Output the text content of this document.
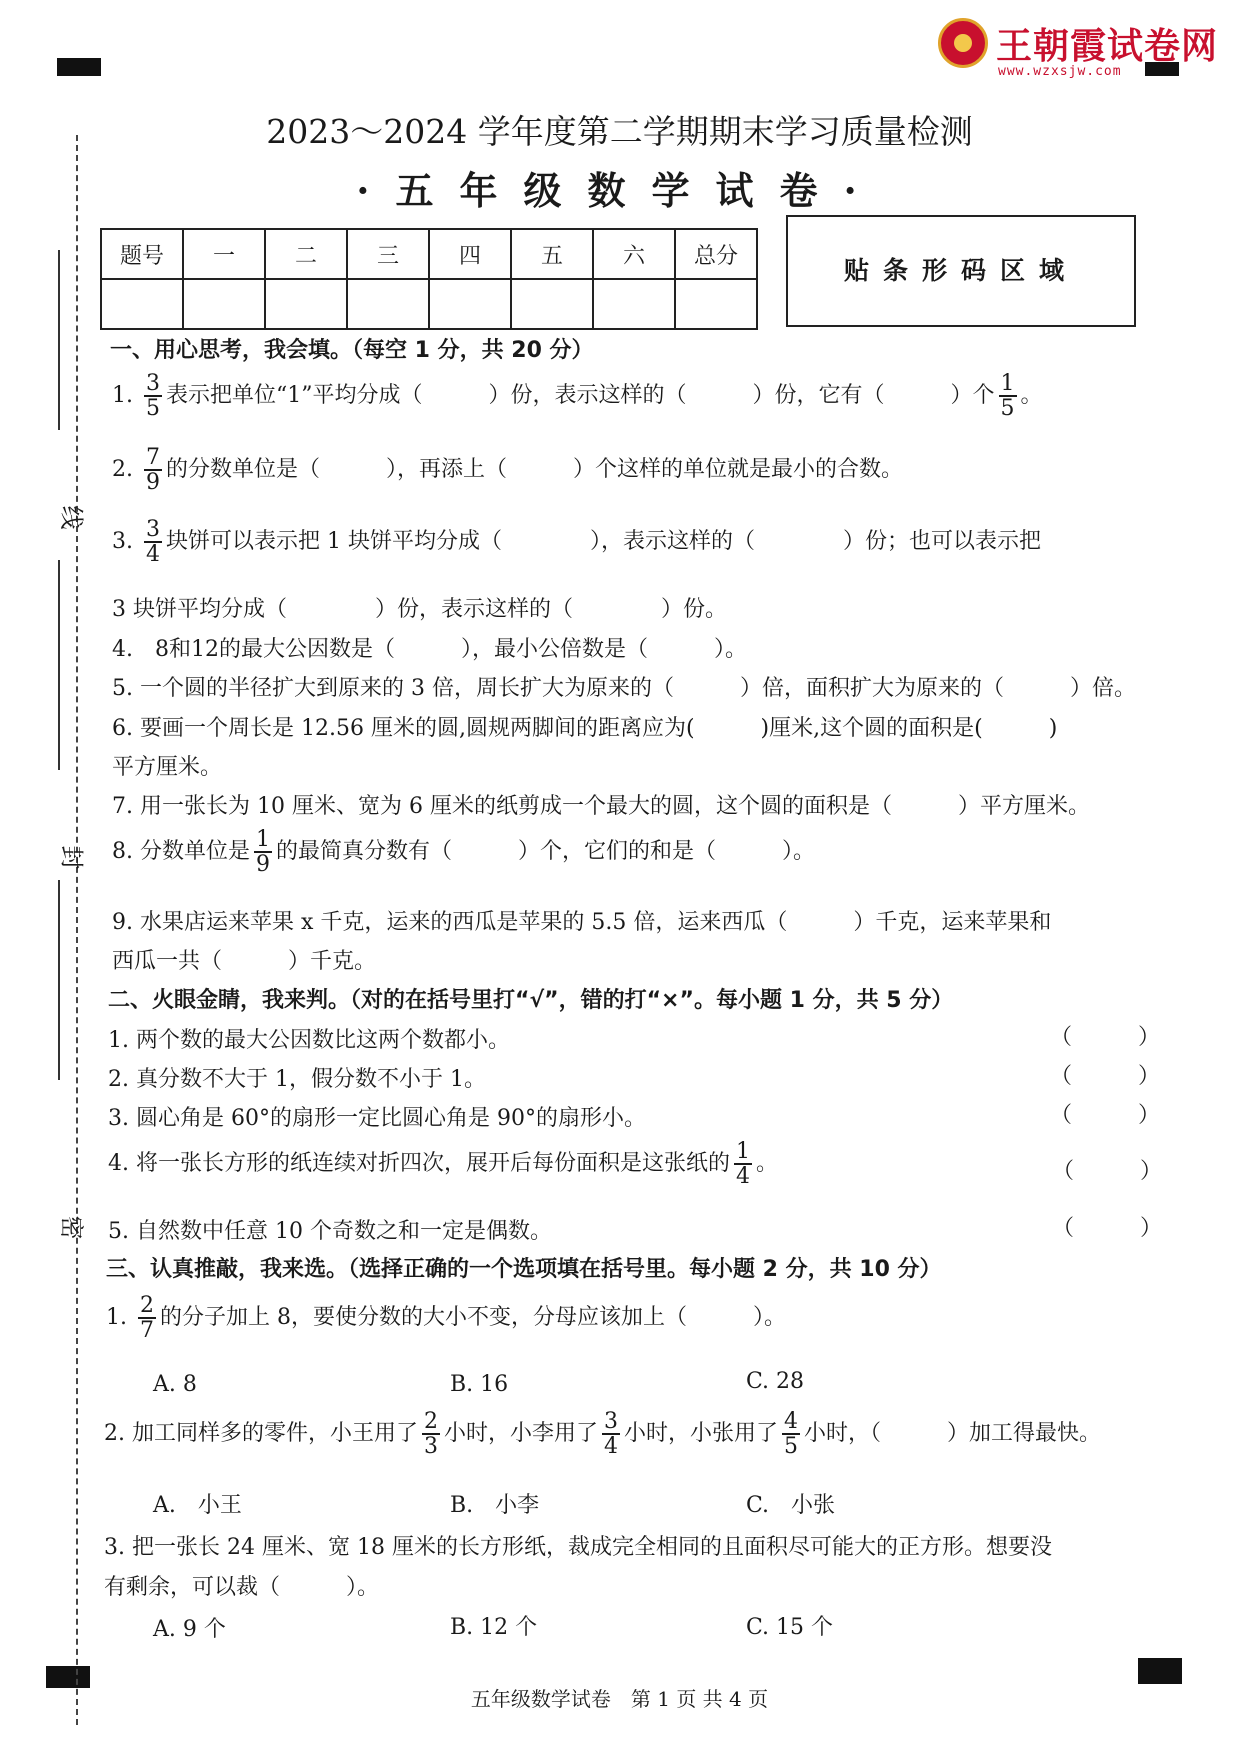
王朝霞试卷网
www.wzxsjw.com
线
封
密
2023～2024 学年度第二学期期末学习质量检测
·五年级数学试卷·
题号	一	二	三	四	五	六	总分
								贴条形码区域
一、用心思考，我会填。（每空 1 分，共 20 分）
1. $\frac{3}{5}$ 表示把单位“1”平均分成（　　　）份，表示这样的（　　　）份，它有（　　　）个 $\frac{1}{5}$ 。
2. $\frac{7}{9}$ 的分数单位是（　　　），再添上（　　　）个这样的单位就是最小的合数。
3. $\frac{3}{4}$ 块饼可以表示把 1 块饼平均分成（　　　　），表示这样的（　　　　）份；也可以表示把
3 块饼平均分成（　　　　）份，表示这样的（　　　　）份。
4.　8和12的最大公因数是（　　　），最小公倍数是（　　　）。
5. 一个圆的半径扩大到原来的 3 倍，周长扩大为原来的（　　　）倍，面积扩大为原来的（　　　）倍。
6. 要画一个周长是 12.56 厘米的圆,圆规两脚间的距离应为(　　　)厘米,这个圆的面积是(　　　)
平方厘米。
7. 用一张长为 10 厘米、宽为 6 厘米的纸剪成一个最大的圆，这个圆的面积是（　　　）平方厘米。
8. 分数单位是 $\frac{1}{9}$ 的最简真分数有（　　　）个，它们的和是（　　　）。
9. 水果店运来苹果 x 千克，运来的西瓜是苹果的 5.5 倍，运来西瓜（　　　）千克，运来苹果和
西瓜一共（　　　）千克。
二、火眼金睛，我来判。（对的在括号里打“√”，错的打“×”。每小题 1 分，共 5 分）
1. 两个数的最大公因数比这两个数都小。	（　　　）
2. 真分数不大于 1，假分数不小于 1。	（　　　）
3. 圆心角是 60°的扇形一定比圆心角是 90°的扇形小。	（　　　）
4. 将一张长方形的纸连续对折四次，展开后每份面积是这张纸的 $\frac{1}{4}$ 。	（　　　）
5. 自然数中任意 10 个奇数之和一定是偶数。	（　　　）
三、认真推敲，我来选。（选择正确的一个选项填在括号里。每小题 2 分，共 10 分）
1. $\frac{2}{7}$ 的分子加上 8，要使分数的大小不变，分母应该加上（　　　）。
A. 8	B. 16	C. 28
2. 加工同样多的零件，小王用了 $\frac{2}{3}$ 小时，小李用了 $\frac{3}{4}$ 小时，小张用了 $\frac{4}{5}$ 小时，（　　　）加工得最快。
A.　小王	B.　小李	C.　小张
3. 把一张长 24 厘米、宽 18 厘米的长方形纸，裁成完全相同的且面积尽可能大的正方形。想要没
有剩余，可以裁（　　　）。
A. 9 个	B. 12 个	C. 15 个
五年级数学试卷　第 1 页 共 4 页
